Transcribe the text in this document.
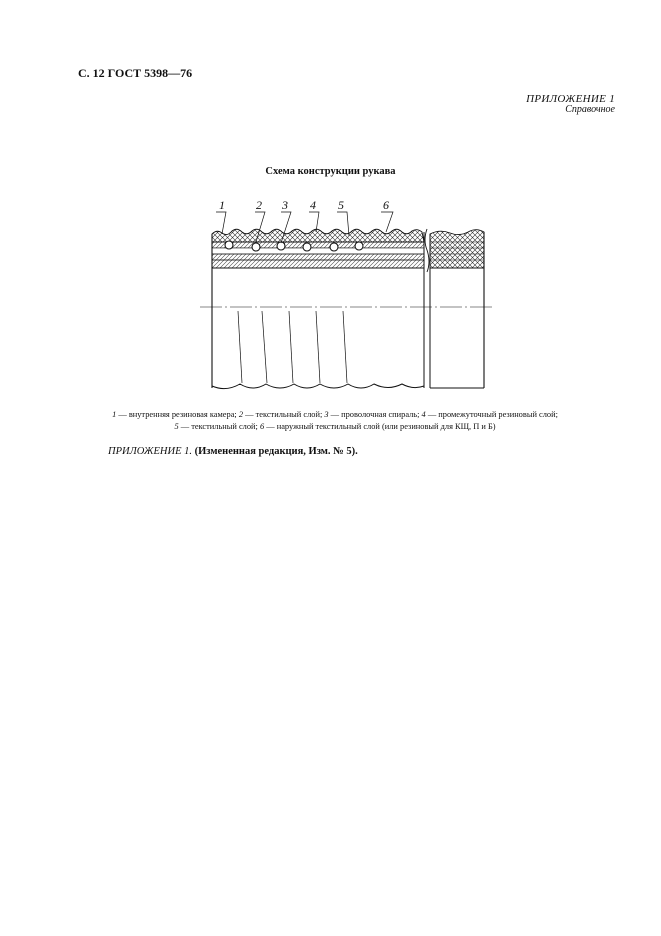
С. 12 ГОСТ 5398—76
ПРИЛОЖЕНИЕ 1
Справочное
Схема конструкции рукава
1	2 3 4 5	6
1 — внутренняя резиновая камера; 2 — текстильный слой; 3 — проволочная спираль; 4 — промежуточный резиновый слой;
5 — текстильный слой; 6 — наружный текстильный слой (или резиновый для КЩ, П и Б)
ПРИЛОЖЕНИЕ 1. (Измененная редакция, Изм. № 5).
